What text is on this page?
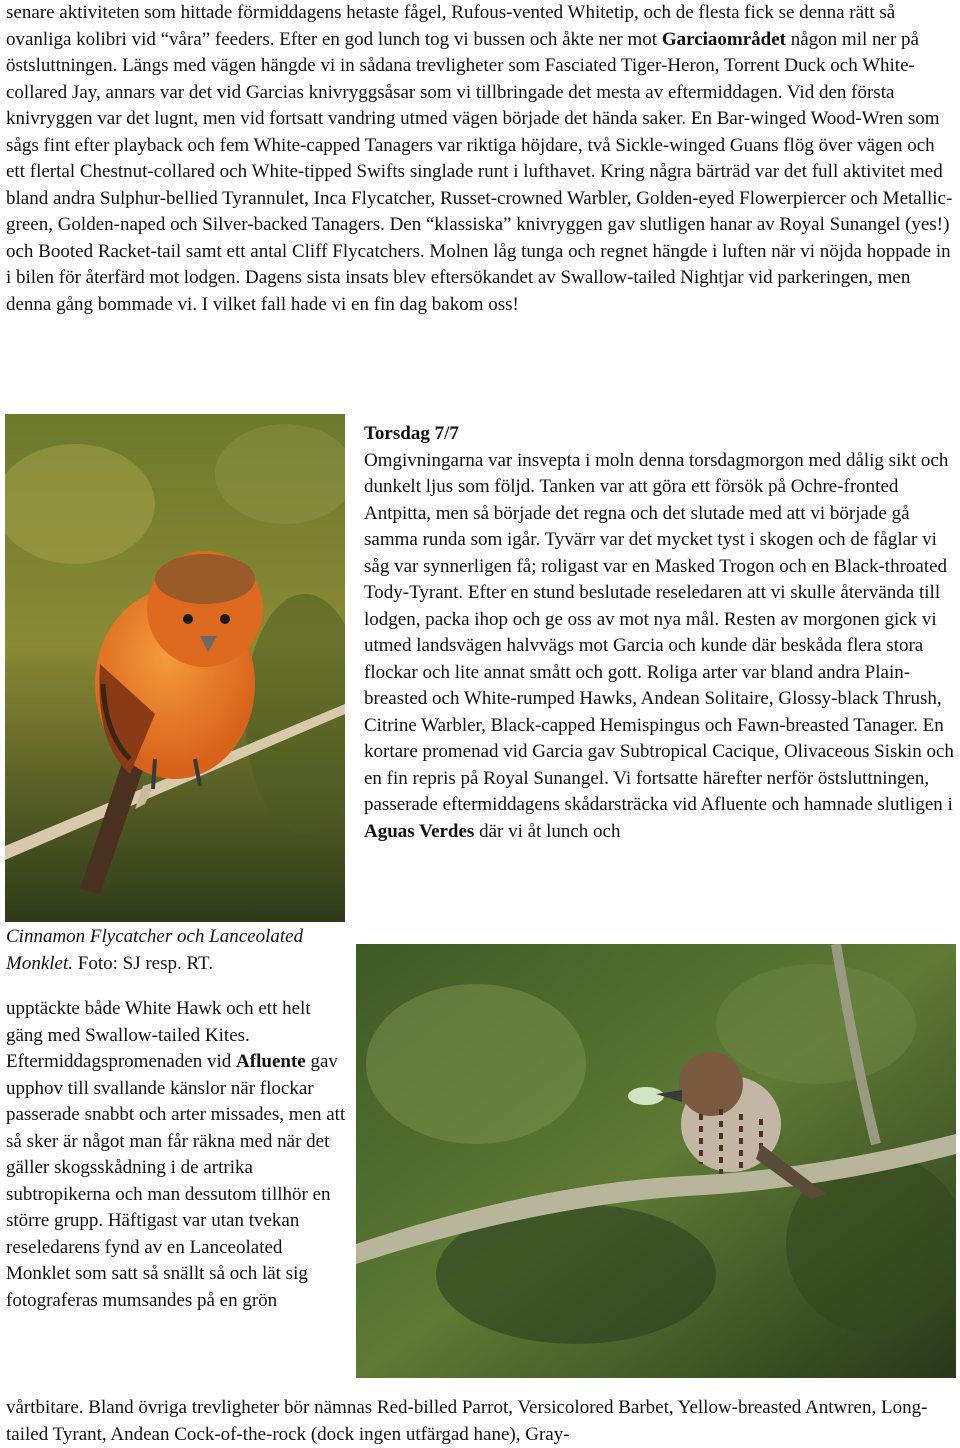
senare aktiviteten som hittade förmiddagens hetaste fågel, Rufous-vented Whitetip, och de flesta fick se denna rätt så ovanliga kolibri vid “våra” feeders. Efter en god lunch tog vi bussen och åkte ner mot Garciaområdet någon mil ner på östsluttningen. Längs med vägen hängde vi in sådana trevligheter som Fasciated Tiger-Heron, Torrent Duck och White-collared Jay, annars var det vid Garcias knivryggsåsar som vi tillbringade det mesta av eftermiddagen. Vid den första knivryggen var det lugnt, men vid fortsatt vandring utmed vägen började det hända saker. En Bar-winged Wood-Wren som sågs fint efter playback och fem White-capped Tanagers var riktiga höjdare, två Sickle-winged Guans flög över vägen och ett flertal Chestnut-collared och White-tipped Swifts singlade runt i lufthavet. Kring några bärträd var det full aktivitet med bland andra Sulphur-bellied Tyrannulet, Inca Flycatcher, Russet-crowned Warbler, Golden-eyed Flowerpiercer och Metallic-green, Golden-naped och Silver-backed Tanagers. Den “klassiska” knivryggen gav slutligen hanar av Royal Sunangel (yes!) och Booted Racket-tail samt ett antal Cliff Flycatchers. Molnen låg tunga och regnet hängde i luften när vi nöjda hoppade in i bilen för återfärd mot lodgen. Dagens sista insats blev eftersökandet av Swallow-tailed Nightjar vid parkeringen, men denna gång bommade vi. I vilket fall hade vi en fin dag bakom oss!

Torsdag 7/7
Omgivningarna var insvepta i moln denna torsdagmorgon med dålig sikt och dunkelt ljus som följd. Tanken var att göra ett försök på Ochre-fronted Antpitta, men så började det regna och det slutade med att vi började gå samma runda som igår. Tyvärr var det mycket tyst i skogen och de fåglar vi såg var synnerligen få; roligast var en Masked Trogon och en Black-throated Tody-Tyrant. Efter en stund beslutade reseledaren att vi skulle återvända till lodgen, packa ihop och ge oss av mot nya mål. Resten av morgonen gick vi utmed landsvägen halvvägs mot Garcia och kunde där beskåda flera stora flockar och lite annat smått och gott. Roliga arter var bland andra Plain-breasted och White-rumped Hawks, Andean Solitaire, Glossy-black Thrush, Citrine Warbler, Black-capped Hemispingus och Fawn-breasted Tanager. En kortare promenad vid Garcia gav Subtropical Cacique, Olivaceous Siskin och en fin repris på Royal Sunangel. Vi fortsatte härefter nerför östsluttningen, passerade eftermiddagens skådarsträcka vid Afluente och hamnade slutligen i Aguas Verdes där vi åt lunch och

Cinnamon Flycatcher och Lanceolated Monklet. Foto: SJ resp. RT.

upptäckte både White Hawk och ett helt gäng med Swallow-tailed Kites. Eftermiddagspromenaden vid Afluente gav upphov till svallande känslor när flockar passerade snabbt och arter missades, men att så sker är något man får räkna med när det gäller skogsskådning i de artrika subtropikerna och man dessutom tillhör en större grupp. Häftigast var utan tvekan reseledarens fynd av en Lanceolated Monklet som satt så snällt så och lät sig fotograferas mumsandes på en grön

vårtbitare. Bland övriga trevligheter bör nämnas Red-billed Parrot, Versicolored Barbet, Yellow-breasted Antwren, Long-tailed Tyrant, Andean Cock-of-the-rock (dock ingen utfärgad hane), Gray-
